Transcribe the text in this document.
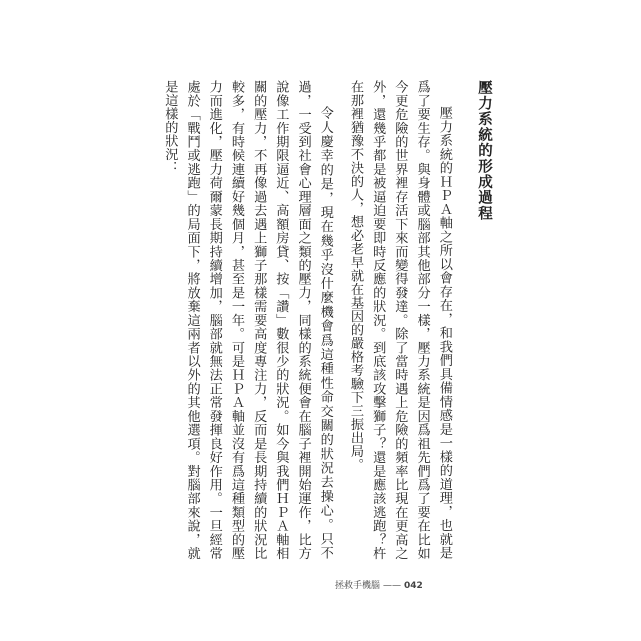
壓力系統的形成過程

壓力系統的ＨＰＡ軸之所以會存在，和我們具備情感是一樣的道理，也就是爲了要生存。與身體或腦部其他部分一樣，壓力系統是因爲祖先們爲了要在比如今更危險的世界裡存活下來而變得發達。除了當時遇上危險的頻率比現在更高之外，還幾乎都是被逼迫要即時反應的狀況。到底該攻擊獅子？還是應該逃跑？杵在那裡猶豫不決的人，想必老早就在基因的嚴格考驗下三振出局。

令人慶幸的是，現在幾乎沒什麼機會爲這種性命交關的狀況去操心。只不過，一受到社會心理層面之類的壓力，同樣的系統便會在腦子裡開始運作，比方說像工作期限逼近、高額房貸、按「讚」數很少的狀況。如今與我們ＨＰＡ軸相關的壓力，不再像過去遇上獅子那樣需要高度專注力，反而是長期持續的狀況比較多，有時候連續好幾個月，甚至是一年。可是ＨＰＡ軸並沒有爲這種類型的壓力而進化，壓力荷爾蒙長期持續增加，腦部就無法正常發揮良好作用。一旦經常處於「戰鬥或逃跑」的局面下，將放棄這兩者以外的其他選項。對腦部來說，就是這樣的狀況：

拯救手機腦 —— 042
